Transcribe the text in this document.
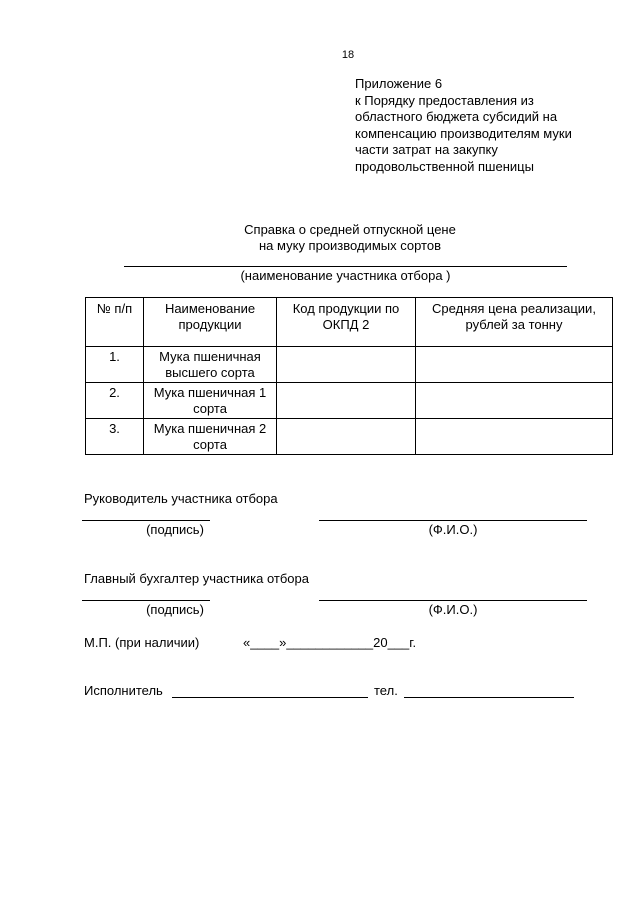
18
Приложение 6
к Порядку предоставления из
областного бюджета субсидий на
компенсацию производителям муки
части затрат на закупку
продовольственной пшеницы
Справка о средней отпускной цене
на муку производимых сортов
(наименование участника отбора )
№ п/п	Наименование продукции	Код продукции по ОКПД 2	Средняя цена реализации, рублей за тонну
1.	Мука пшеничная высшего сорта		
2.	Мука пшеничная 1 сорта		
3.	Мука пшеничная 2 сорта		
Руководитель участника отбора
(подпись)	(Ф.И.О.)
Главный бухгалтер участника отбора
(подпись)	(Ф.И.О.)
М.П. (при наличии)	«____»____________20___г.
Исполнитель	тел.
